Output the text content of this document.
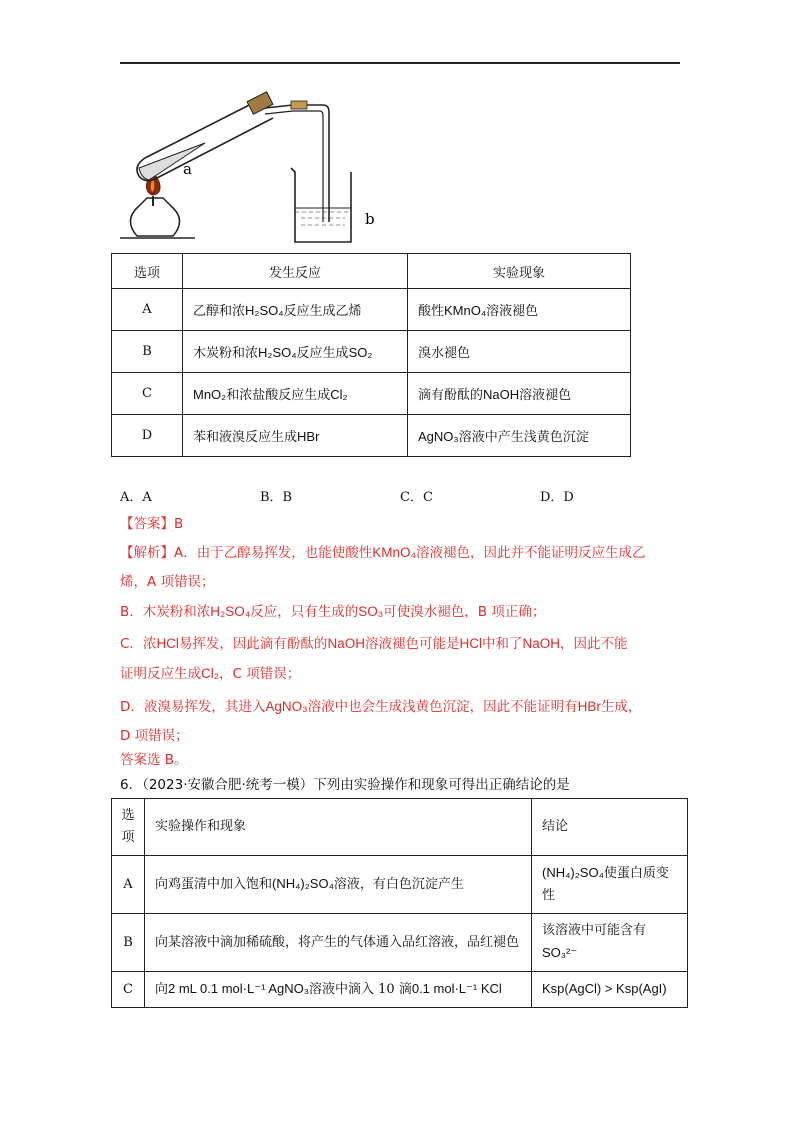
a
b
选项	发生反应	实验现象
A	乙醇和浓H₂SO₄反应生成乙烯	酸性KMnO₄溶液褪色
B	木炭粉和浓H₂SO₄反应生成SO₂	溴水褪色
C	MnO₂和浓盐酸反应生成Cl₂	滴有酚酞的NaOH溶液褪色
D	苯和液溴反应生成HBr	AgNO₃溶液中产生浅黄色沉淀
A．A	B．B	C．C	D．D
【答案】B
【解析】A．由于乙醇易挥发，也能使酸性KMnO₄溶液褪色，因此并不能证明反应生成乙
烯，A 项错误；
B．木炭粉和浓H₂SO₄反应，只有生成的SO₃可使溴水褪色，B 项正确；
C．浓HCl易挥发，因此滴有酚酞的NaOH溶液褪色可能是HCl中和了NaOH，因此不能
证明反应生成Cl₂，C 项错误；
D．液溴易挥发，其进入AgNO₃溶液中也会生成浅黄色沉淀，因此不能证明有HBr生成，
D 项错误；
答案选 B。
6．（2023·安徽合肥·统考一模）下列由实验操作和现象可得出正确结论的是
选项	实验操作和现象	结论
A	向鸡蛋清中加入饱和(NH₄)₂SO₄溶液，有白色沉淀产生	(NH₄)₂SO₄使蛋白质变性
B	向某溶液中滴加稀硫酸，将产生的气体通入品红溶液，品红褪色	该溶液中可能含有
SO₃²⁻
C	向2 mL 0.1 mol·L⁻¹ AgNO₃溶液中滴入 10 滴0.1 mol·L⁻¹ KCl	Ksp(AgCl) > Ksp(AgI)
